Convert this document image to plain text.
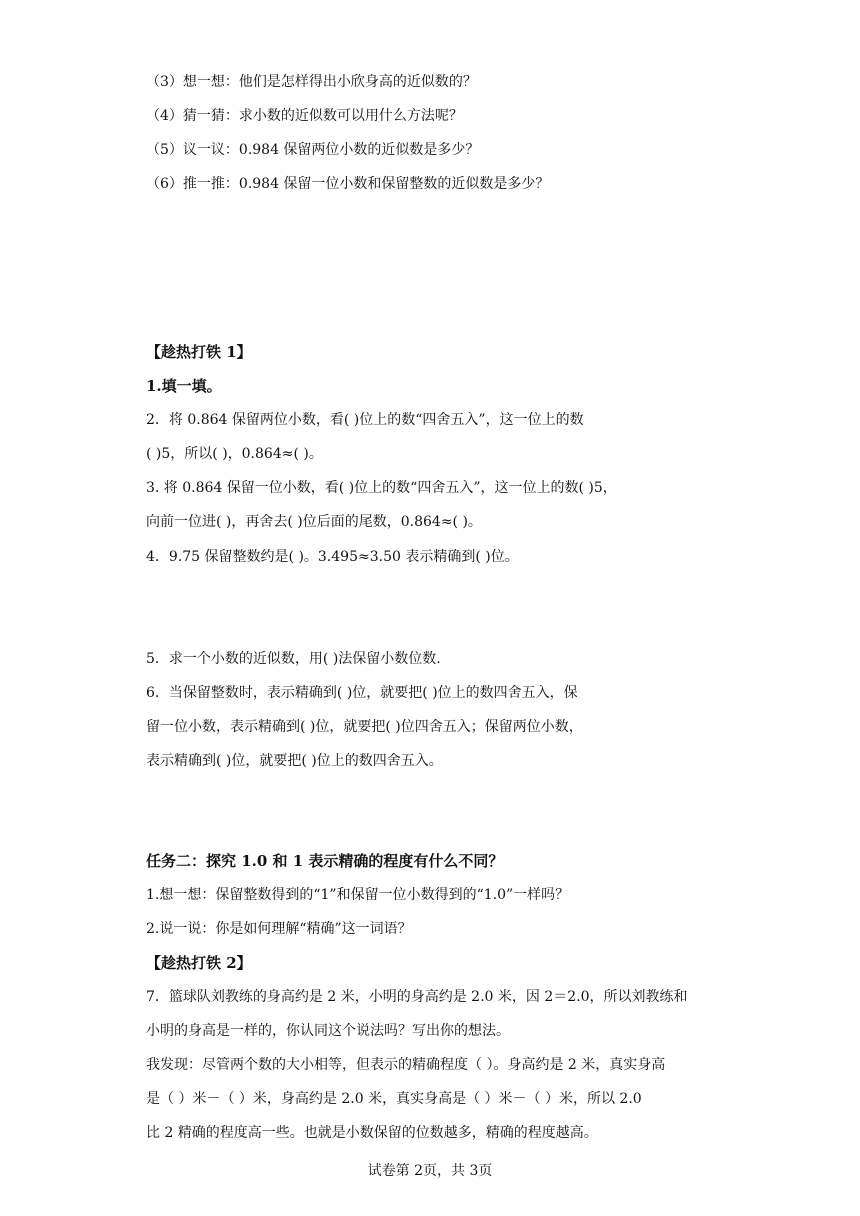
（3）想一想：他们是怎样得出小欣身高的近似数的？

（4）猜一猜：求小数的近似数可以用什么方法呢？

（5）议一议：0.984 保留两位小数的近似数是多少？

（6）推一推：0.984 保留一位小数和保留整数的近似数是多少？

【趁热打铁 1】

1.填一填。

2．将 0.864 保留两位小数，看( )位上的数“四舍五入”，这一位上的数

( )5，所以( )，0.864≈( )。

3. 将 0.864 保留一位小数，看( )位上的数“四舍五入”，这一位上的数( )5，

向前一位进( )，再舍去( )位后面的尾数，0.864≈( )。

4．9.75 保留整数约是( )。3.495≈3.50 表示精确到( )位。

5．求一个小数的近似数，用( )法保留小数位数.

6．当保留整数时，表示精确到( )位，就要把( )位上的数四舍五入，保

留一位小数，表示精确到( )位，就要把( )位四舍五入；保留两位小数，

表示精确到( )位，就要把( )位上的数四舍五入。

任务二：探究 1.0 和 1 表示精确的程度有什么不同？

1.想一想：保留整数得到的“1”和保留一位小数得到的“1.0”一样吗？

2.说一说：你是如何理解“精确”这一词语？

【趁热打铁 2】

7．篮球队刘教练的身高约是 2 米，小明的身高约是 2.0 米，因 2＝2.0，所以刘教练和

小明的身高是一样的，你认同这个说法吗？写出你的想法。

我发现：尽管两个数的大小相等，但表示的精确程度（ ）。身高约是 2 米，真实身高

是（ ）米－（ ）米，身高约是 2.0 米，真实身高是（ ）米－（ ）米，所以 2.0

比 2 精确的程度高一些。也就是小数保留的位数越多，精确的程度越高。

试卷第 2页，共 3页
